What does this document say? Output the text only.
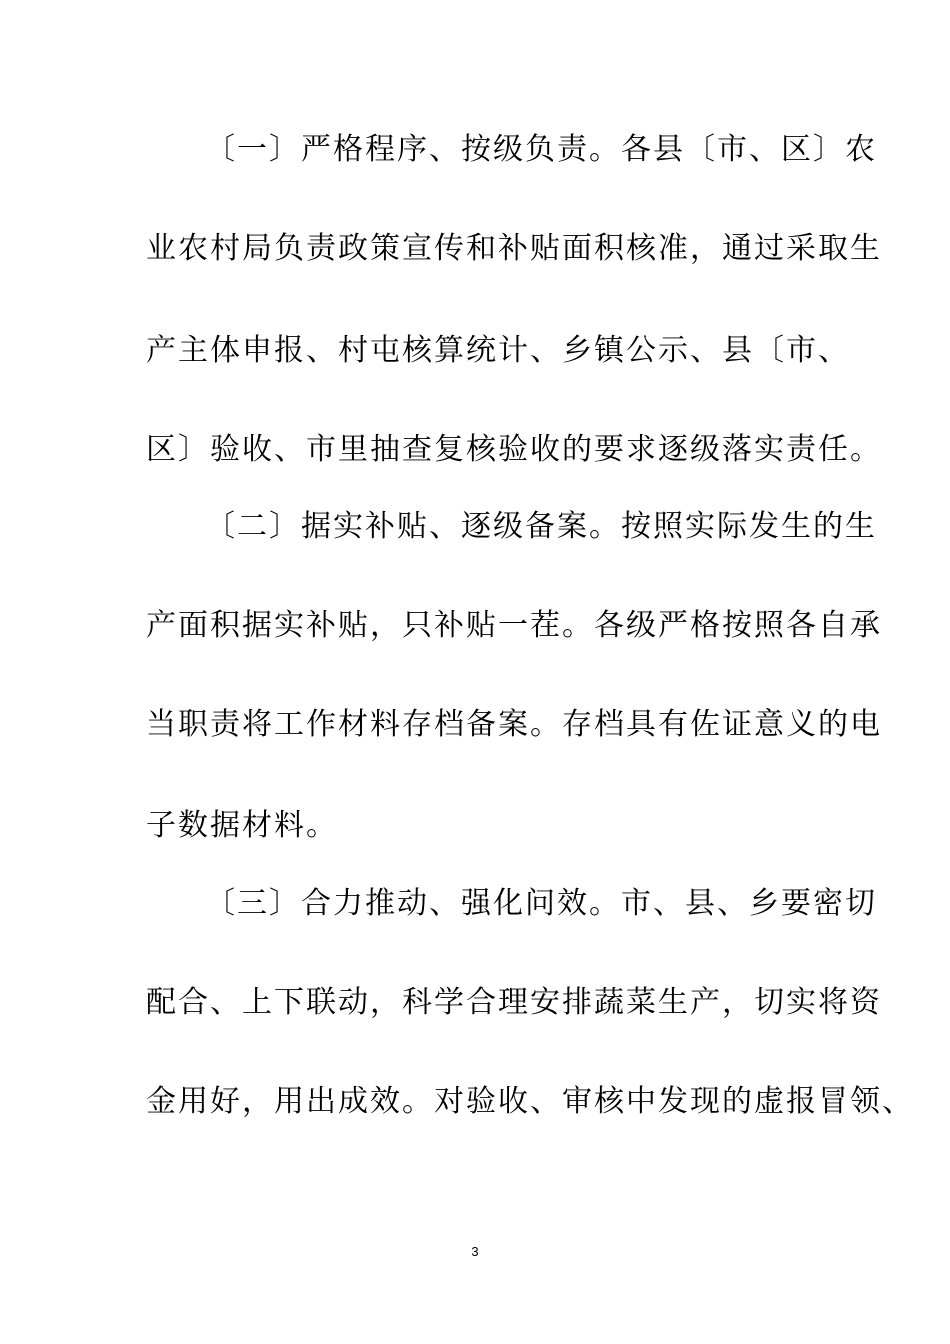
〔一〕严格程序、按级负责。各县〔市、区〕农
业农村局负责政策宣传和补贴面积核准，通过采取生
产主体申报、村屯核算统计、乡镇公示、县〔市、
区〕验收、市里抽查复核验收的要求逐级落实责任。
〔二〕据实补贴、逐级备案。按照实际发生的生
产面积据实补贴，只补贴一茬。各级严格按照各自承
当职责将工作材料存档备案。存档具有佐证意义的电
子数据材料。
〔三〕合力推动、强化问效。市、县、乡要密切
配合、上下联动，科学合理安排蔬菜生产，切实将资
金用好，用出成效。对验收、审核中发现的虚报冒领、
3
